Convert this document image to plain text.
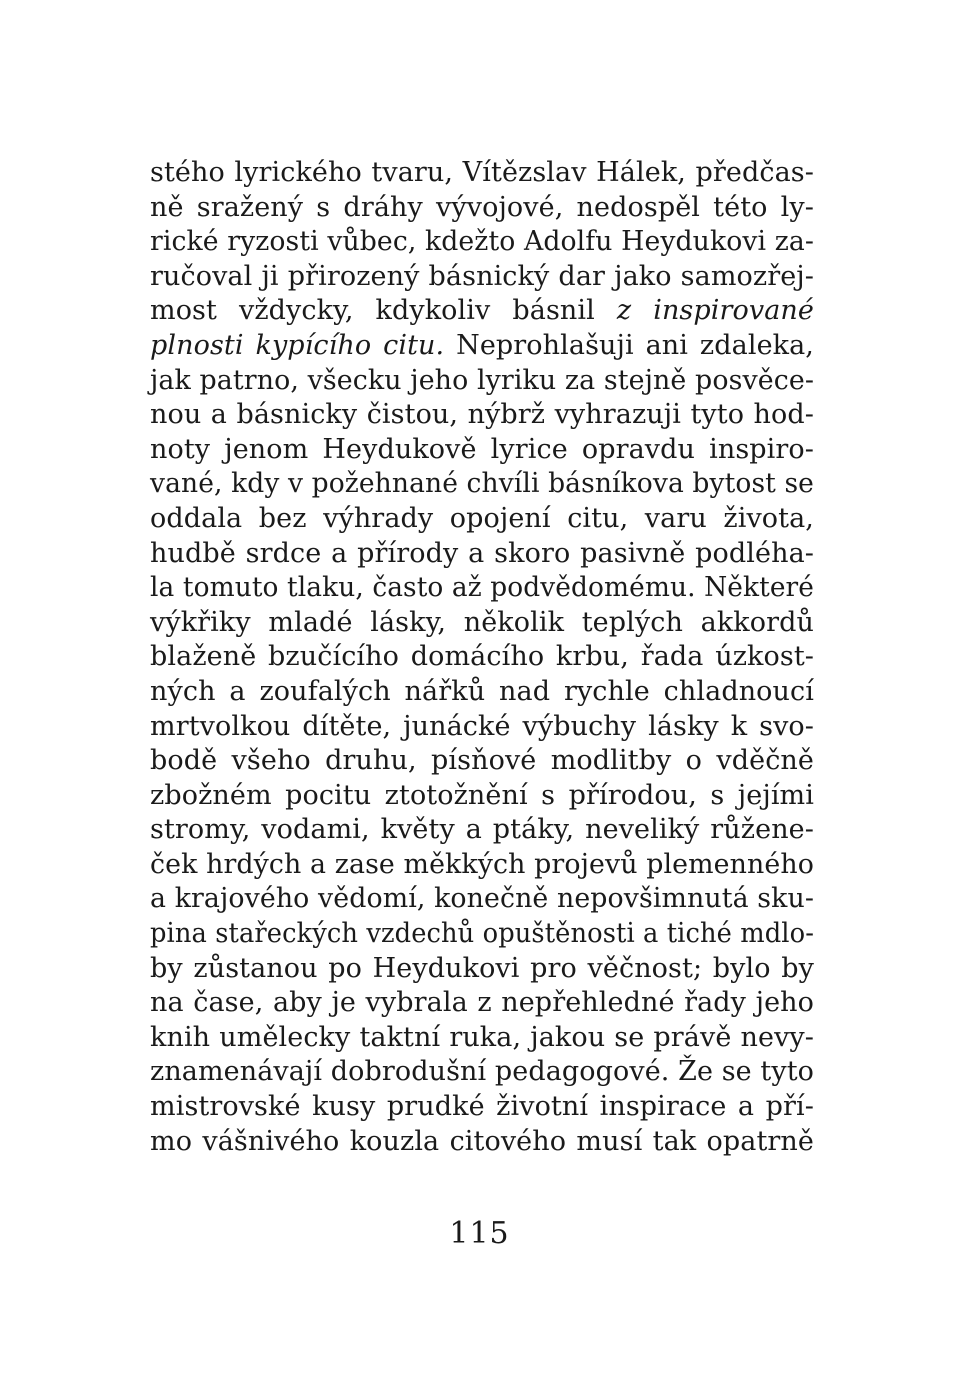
stého lyrického tvaru, Vítězslav Hálek, předčas-
ně sražený s dráhy vývojové, nedospěl této ly-
rické ryzosti vůbec, kdežto Adolfu Heydukovi za-
ručoval ji přirozený básnický dar jako samozřej-
most vždycky, kdykoliv básnil z inspirované
plnosti kypícího citu. Neprohlašuji ani zdaleka,
jak patrno, všecku jeho lyriku za stejně posvěce-
nou a básnicky čistou, nýbrž vyhrazuji tyto hod-
noty jenom Heydukově lyrice opravdu inspiro-
vané, kdy v požehnané chvíli básníkova bytost se
oddala bez výhrady opojení citu, varu života,
hudbě srdce a přírody a skoro pasivně podléha-
la tomuto tlaku, často až podvědomému. Některé
výkřiky mladé lásky, několik teplých akkordů
blaženě bzučícího domácího krbu, řada úzkost-
ných a zoufalých nářků nad rychle chladnoucí
mrtvolkou dítěte, junácké výbuchy lásky k svo-
bodě všeho druhu, písňové modlitby o vděčně
zbožném pocitu ztotožnění s přírodou, s jejími
stromy, vodami, květy a ptáky, neveliký růžene-
ček hrdých a zase měkkých projevů plemenného
a krajového vědomí, konečně nepovšimnutá sku-
pina stařeckých vzdechů opuštěnosti a tiché mdlo-
by zůstanou po Heydukovi pro věčnost; bylo by
na čase, aby je vybrala z nepřehledné řady jeho
knih umělecky taktní ruka, jakou se právě nevy-
znamenávají dobrodušní pedagogové. Že se tyto
mistrovské kusy prudké životní inspirace a pří-
mo vášnivého kouzla citového musí tak opatrně
115
